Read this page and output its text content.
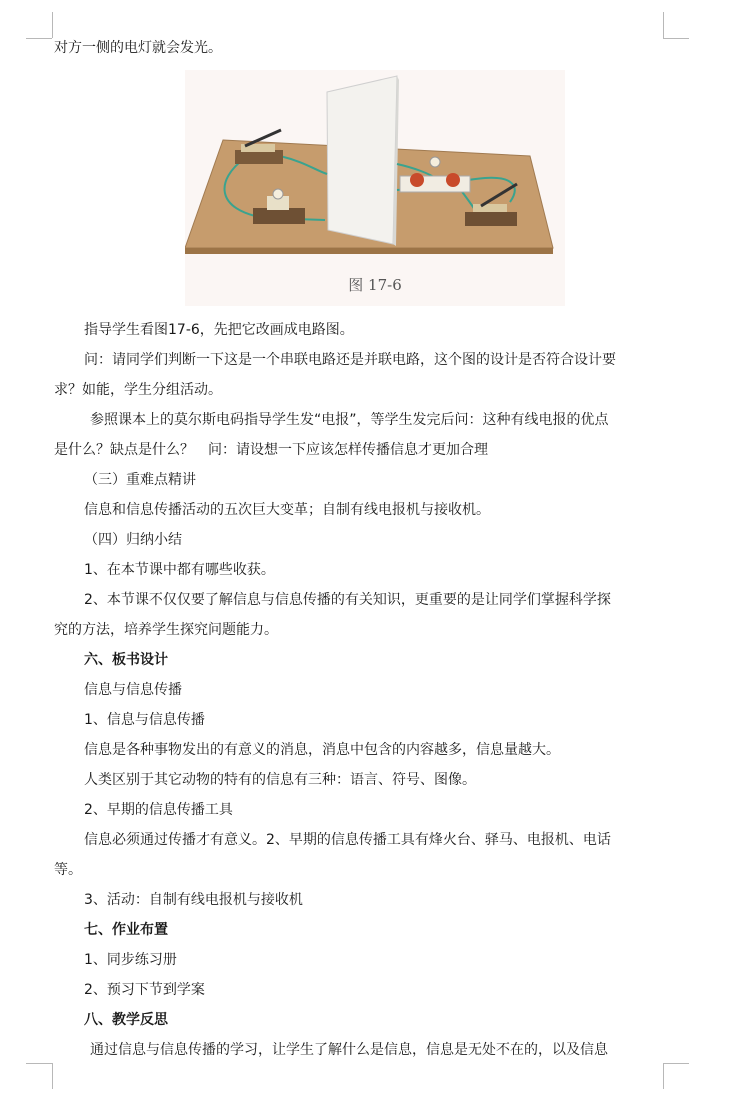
对方一侧的电灯就会发光。
图 17-6
指导学生看图17-6，先把它改画成电路图。
问：请同学们判断一下这是一个串联电路还是并联电路，这个图的设计是否符合设计要
求？如能，学生分组活动。
参照课本上的莫尔斯电码指导学生发“电报”，等学生发完后问：这种有线电报的优点
是什么？缺点是什么？　问：请设想一下应该怎样传播信息才更加合理
（三）重难点精讲
信息和信息传播活动的五次巨大变革；自制有线电报机与接收机。
（四）归纳小结
1、在本节课中都有哪些收获。
2、本节课不仅仅要了解信息与信息传播的有关知识，更重要的是让同学们掌握科学探
究的方法，培养学生探究问题能力。
六、板书设计
信息与信息传播
1、信息与信息传播
信息是各种事物发出的有意义的消息，消息中包含的内容越多，信息量越大。
人类区别于其它动物的特有的信息有三种：语言、符号、图像。
2、早期的信息传播工具
信息必须通过传播才有意义。2、早期的信息传播工具有烽火台、驿马、电报机、电话
等。
3、活动：自制有线电报机与接收机
七、作业布置
1、同步练习册
2、预习下节到学案
八、教学反思
通过信息与信息传播的学习，让学生了解什么是信息，信息是无处不在的，以及信息
